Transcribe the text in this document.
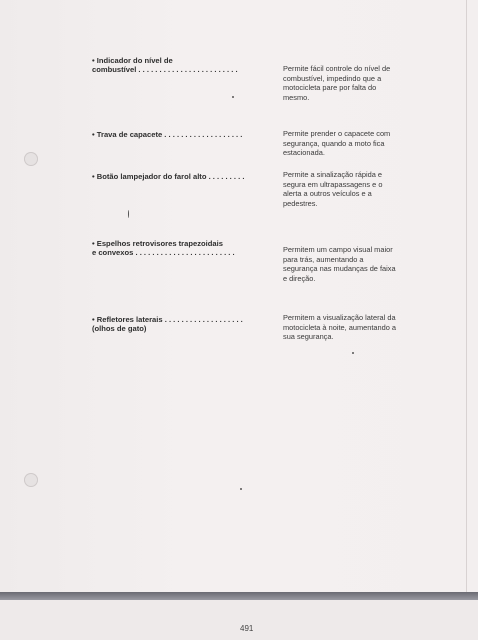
• Indicador do nível de
combustível . . . . . . . . . . . . . . . . . . . . . . . .	Permite fácil controle do nível de
combustível, impedindo que a
motocicleta pare por falta do
mesmo.
• Trava de capacete . . . . . . . . . . . . . . . . . . .	Permite prender o capacete com
segurança, quando a moto fica
estacionada.
• Botão lampejador do farol alto . . . . . . . . .	Permite a sinalização rápida e
segura em ultrapassagens e o
alerta a outros veículos e a
pedestres.
• Espelhos retrovisores trapezoidais
e convexos . . . . . . . . . . . . . . . . . . . . . . . .	Permitem um campo visual maior
para trás, aumentando a
segurança nas mudanças de faixa
e direção.
• Refletores laterais . . . . . . . . . . . . . . . . . . .
(olhos de gato)
Permitem a visualização lateral da
motocicleta à noite, aumentando a
sua segurança.
491
